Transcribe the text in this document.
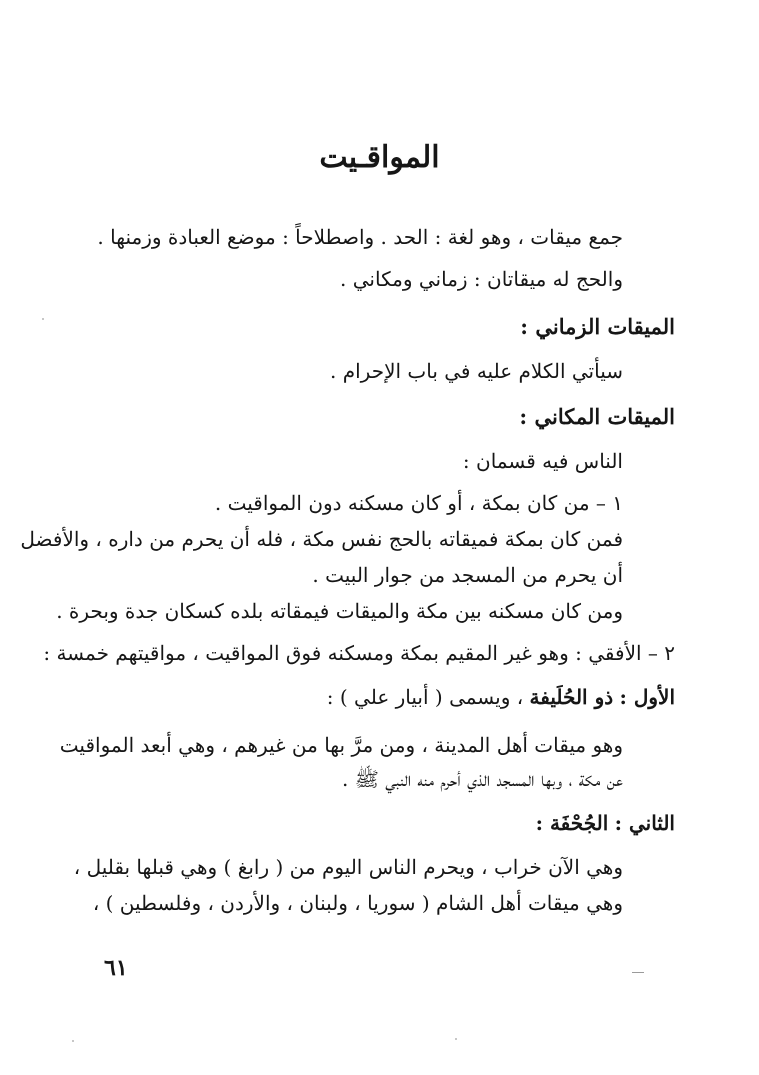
المواقـيت
جمع ميقات ، وهو لغة : الحد . واصطلاحاً : موضع العبادة وزمنها .
والحج له ميقاتان : زماني ومكاني .
الميقات الزماني :
سيأتي الكلام عليه في باب الإحرام .
الميقات المكاني :
الناس فيه قسمان :
١ – من كان بمكة ، أو كان مسكنه دون المواقيت .
فمن كان بمكة فميقاته بالحج نفس مكة ، فله أن يحرم من داره ، والأفضل
أن يحرم من المسجد من جوار البيت .
ومن كان مسكنه بين مكة والميقات فيمقاته بلده كسكان جدة وبحرة .
٢ – الأفقي : وهو غير المقيم بمكة ومسكنه فوق المواقيت ، مواقيتهم خمسة :
الأول : ذو الحُلَيفة ، ويسمى ( أبيار علي ) :
وهو ميقات أهل المدينة ، ومن مرَّ بها من غيرهم ، وهي أبعد المواقيت
عن مكة ، وبها المسجد الذي أحرم منه النبي ﷺ .
الثاني : الجُحْفَة :
وهي الآن خراب ، ويحرم الناس اليوم من ( رابغ ) وهي قبلها بقليل ،
وهي ميقات أهل الشام ( سوريا ، ولبنان ، والأردن ، وفلسطين ) ،
٦١
